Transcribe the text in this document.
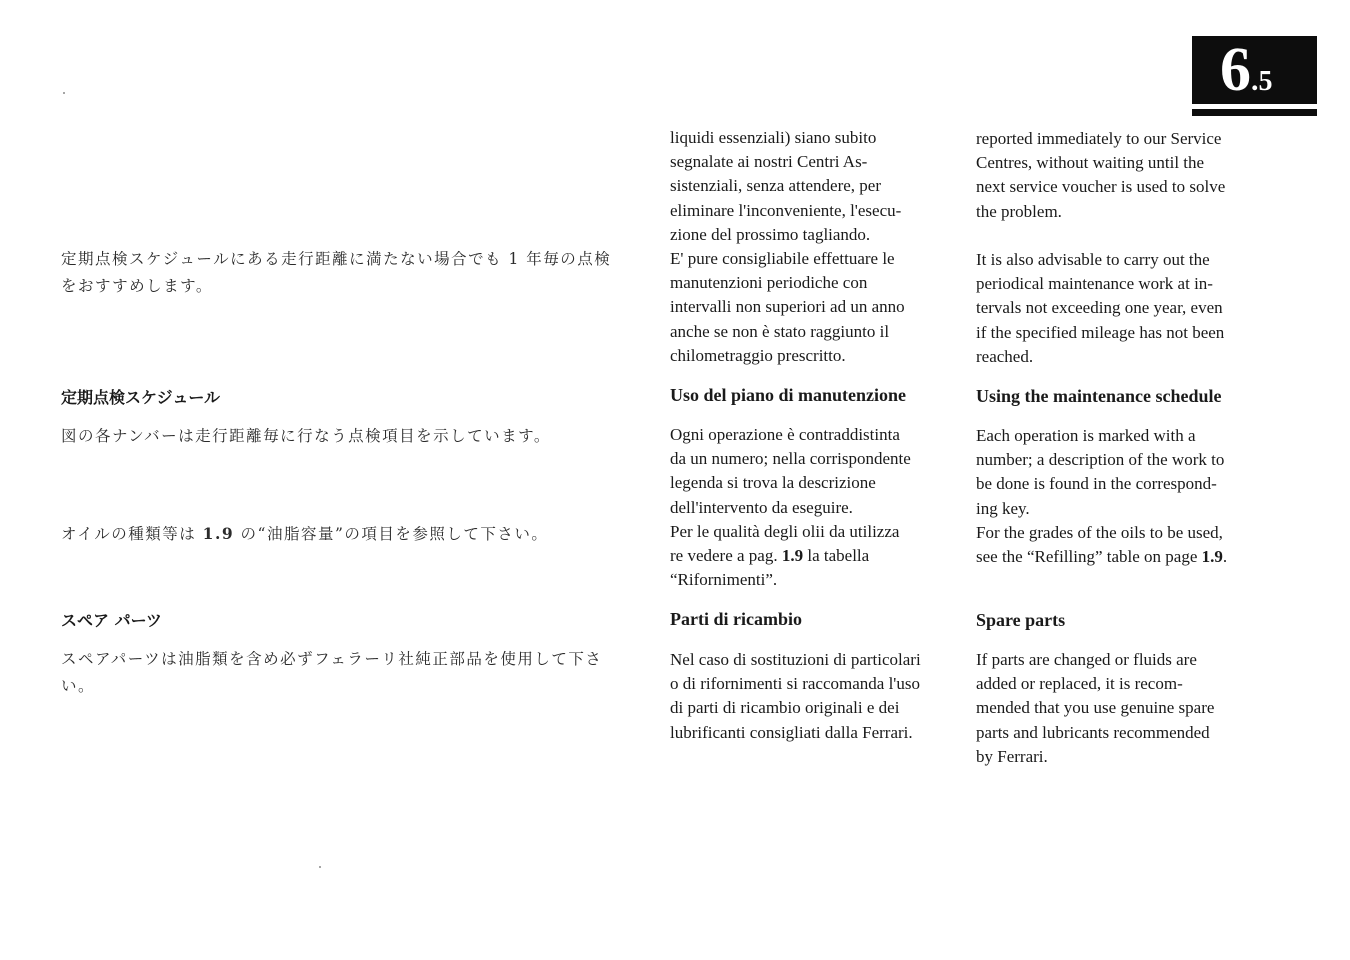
6.5

liquidi essenziali) siano subito
segnalate ai nostri Centri As-
sistenziali, senza attendere, per
eliminare l'inconveniente, l'esecu-
zione del prossimo tagliando.

reported immediately to our Service
Centres, without waiting until the
next service voucher is used to solve
the problem.

定期点検スケジュールにある走行距離に満たない場合でも 1 年毎の点検
をおすすめします。

E' pure consigliabile effettuare le
manutenzioni periodiche con
intervalli non superiori ad un anno
anche se non è stato raggiunto il
chilometraggio prescritto.

It is also advisable to carry out the
periodical maintenance work at in-
tervals not exceeding one year, even
if the specified mileage has not been
reached.

定期点検スケジュール	Uso del piano di manutenzione	Using the maintenance schedule

図の各ナンバーは走行距離毎に行なう点検項目を示しています。	Ogni operazione è contraddistinta
da un numero; nella corrispondente
legenda si trova la descrizione
dell'intervento da eseguire.

Each operation is marked with a
number; a description of the work to
be done is found in the correspond-
ing key.

オイルの種類等は 1.9 の“油脂容量”の項目を参照して下さい。	Per le qualità degli olii da utilizza
re vedere a pag. 1.9 la tabella
“Rifornimenti”.

For the grades of the oils to be used,
see the “Refilling” table on page 1.9.

スペア パーツ	Parti di ricambio	Spare parts

スペアパーツは油脂類を含め必ずフェラーリ社純正部品を使用して下さ
い。

Nel caso di sostituzioni di particolari
o di rifornimenti si raccomanda l'uso
di parti di ricambio originali e dei
lubrificanti consigliati dalla Ferrari.

If parts are changed or fluids are
added or replaced, it is recom-
mended that you use genuine spare
parts and lubricants recommended
by Ferrari.
